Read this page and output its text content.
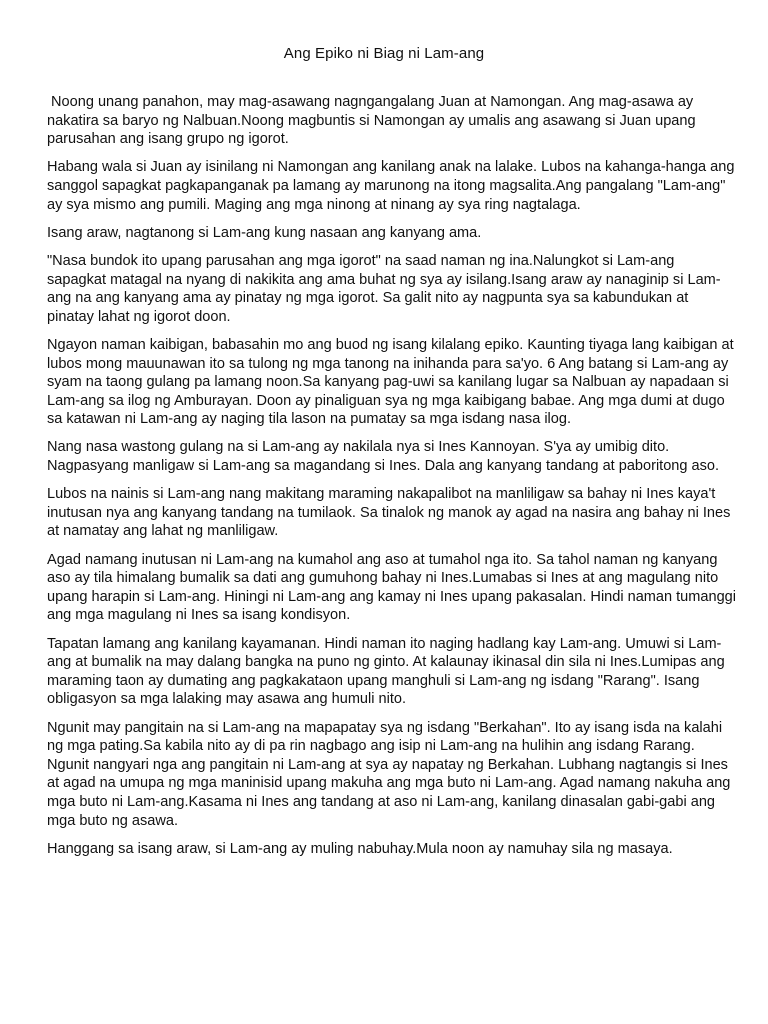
Ang Epiko ni Biag ni Lam-ang

Noong unang panahon, may mag-asawang nagngangalang Juan at Namongan. Ang mag-asawa ay nakatira sa baryo ng Nalbuan.Noong magbuntis si Namongan ay umalis ang asawang si Juan upang parusahan ang isang grupo ng igorot.

Habang wala si Juan ay isinilang ni Namongan ang kanilang anak na lalake. Lubos na kahanga-hanga ang sanggol sapagkat pagkapanganak pa lamang ay marunong na itong magsalita.Ang pangalang "Lam-ang" ay sya mismo ang pumili. Maging ang mga ninong at ninang ay sya ring nagtalaga.

Isang araw, nagtanong si Lam-ang kung nasaan ang kanyang ama.

"Nasa bundok ito upang parusahan ang mga igorot" na saad naman ng ina.Nalungkot si Lam-ang sapagkat matagal na nyang di nakikita ang ama buhat ng sya ay isilang.Isang araw ay nanaginip si Lam-ang na ang kanyang ama ay pinatay ng mga igorot. Sa galit nito ay nagpunta sya sa kabundukan at pinatay lahat ng igorot doon.

Ngayon naman kaibigan, babasahin mo ang buod ng isang kilalang epiko. Kaunting tiyaga lang kaibigan at lubos mong mauunawan ito sa tulong ng mga tanong na inihanda para sa'yo. 6 Ang batang si Lam-ang ay syam na taong gulang pa lamang noon.Sa kanyang pag-uwi sa kanilang lugar sa Nalbuan ay napadaan si Lam-ang sa ilog ng Amburayan. Doon ay pinaliguan sya ng mga kaibigang babae. Ang mga dumi at dugo sa katawan ni Lam-ang ay naging tila lason na pumatay sa mga isdang nasa ilog.

Nang nasa wastong gulang na si Lam-ang ay nakilala nya si Ines Kannoyan. S'ya ay umibig dito. Nagpasyang manligaw si Lam-ang sa magandang si Ines. Dala ang kanyang tandang at paboritong aso.

Lubos na nainis si Lam-ang nang makitang maraming nakapalibot na manliligaw sa bahay ni Ines kaya't inutusan nya ang kanyang tandang na tumilaok. Sa tinalok ng manok ay agad na nasira ang bahay ni Ines at namatay ang lahat ng manliligaw.

Agad namang inutusan ni Lam-ang na kumahol ang aso at tumahol nga ito. Sa tahol naman ng kanyang aso ay tila himalang bumalik sa dati ang gumuhong bahay ni Ines.Lumabas si Ines at ang magulang nito upang harapin si Lam-ang. Hiningi ni Lam-ang ang kamay ni Ines upang pakasalan. Hindi naman tumanggi ang mga magulang ni Ines sa isang kondisyon.

Tapatan lamang ang kanilang kayamanan. Hindi naman ito naging hadlang kay Lam-ang. Umuwi si Lam-ang at bumalik na may dalang bangka na puno ng ginto. At kalaunay ikinasal din sila ni Ines.Lumipas ang maraming taon ay dumating ang pagkakataon upang manghuli si Lam-ang ng isdang "Rarang". Isang obligasyon sa mga lalaking may asawa ang humuli nito.

Ngunit may pangitain na si Lam-ang na mapapatay sya ng isdang "Berkahan". Ito ay isang isda na kalahi ng mga pating.Sa kabila nito ay di pa rin nagbago ang isip ni Lam-ang na hulihin ang isdang Rarang. Ngunit nangyari nga ang pangitain ni Lam-ang at sya ay napatay ng Berkahan. Lubhang nagtangis si Ines at agad na umupa ng mga maninisid upang makuha ang mga buto ni Lam-ang. Agad namang nakuha ang mga buto ni Lam-ang.Kasama ni Ines ang tandang at aso ni Lam-ang, kanilang dinasalan gabi-gabi ang mga buto ng asawa.

Hanggang sa isang araw, si Lam-ang ay muling nabuhay.Mula noon ay namuhay sila ng masaya.
